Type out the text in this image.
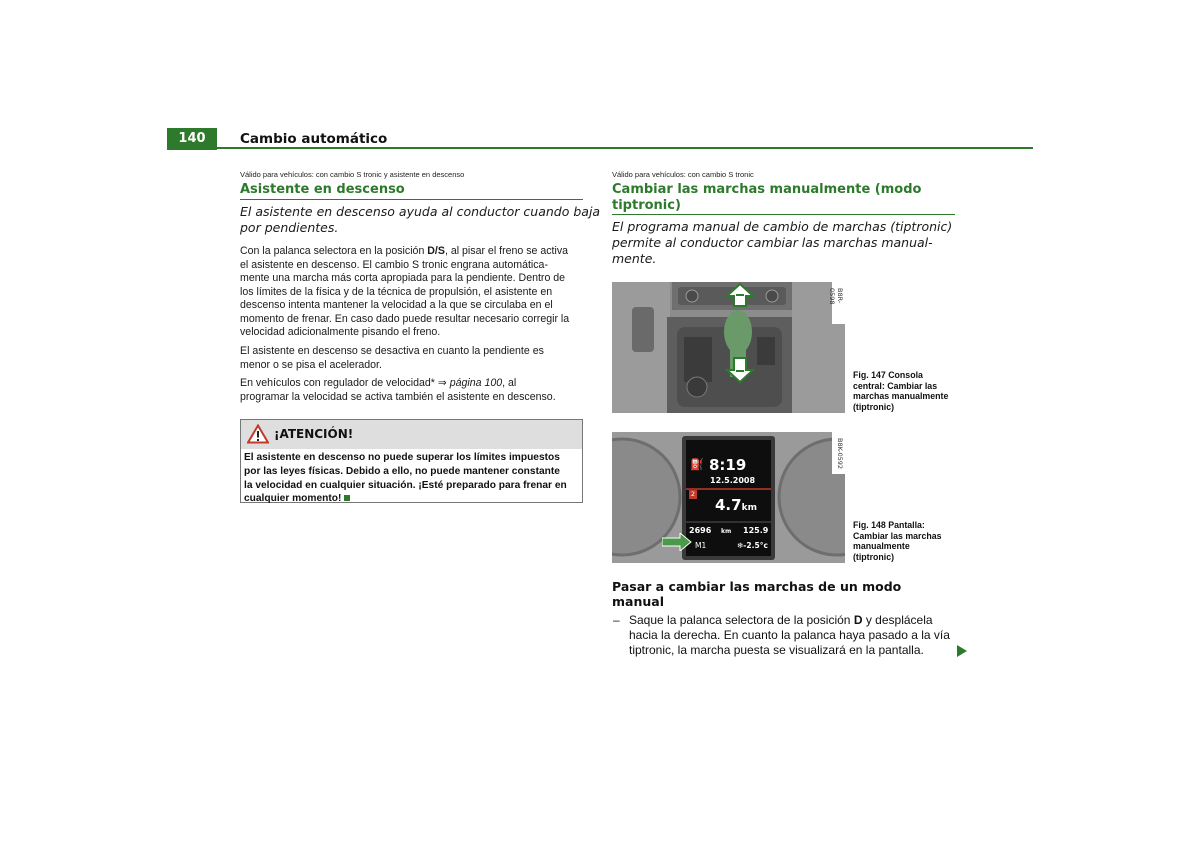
140	Cambio automático
Válido para vehículos: con cambio S tronic y asistente en descenso
Asistente en descenso
El asistente en descenso ayuda al conductor cuando baja
por pendientes.
Con la palanca selectora en la posición D/S, al pisar el freno se activa
el asistente en descenso. El cambio S tronic engrana automática-
mente una marcha más corta apropiada para la pendiente. Dentro de
los límites de la física y de la técnica de propulsión, el asistente en
descenso intenta mantener la velocidad a la que se circulaba en el
momento de frenar. En caso dado puede resultar necesario corregir la
velocidad adicionalmente pisando el freno.
El asistente en descenso se desactiva en cuanto la pendiente es
menor o se pisa el acelerador.
En vehículos con regulador de velocidad* ⇒ página 100, al
programar la velocidad se activa también el asistente en descenso.
¡ATENCIÓN!
El asistente en descenso no puede superar los límites impuestos
por las leyes físicas. Debido a ello, no puede mantener constante
la velocidad en cualquier situación. ¡Esté preparado para frenar en
cualquier momento!
Válido para vehículos: con cambio S tronic
Cambiar las marchas manualmente (modo
tiptronic)
El programa manual de cambio de marchas (tiptronic)
permite al conductor cambiar las marchas manual-
mente.
B8R-0598
Fig. 147 Consola
central: Cambiar las
marchas manualmente
(tiptronic)
⛽ 8:19
12.5.2008
2
4.7km
2696 km 125.9
M1	❄-2.5°c
B8K-0592
Fig. 148 Pantalla:
Cambiar las marchas
manualmente
(tiptronic)
Pasar a cambiar las marchas de un modo
manual
– Saque la palanca selectora de la posición D y desplácela
hacia la derecha. En cuanto la palanca haya pasado a la vía
tiptronic, la marcha puesta se visualizará en la pantalla.
